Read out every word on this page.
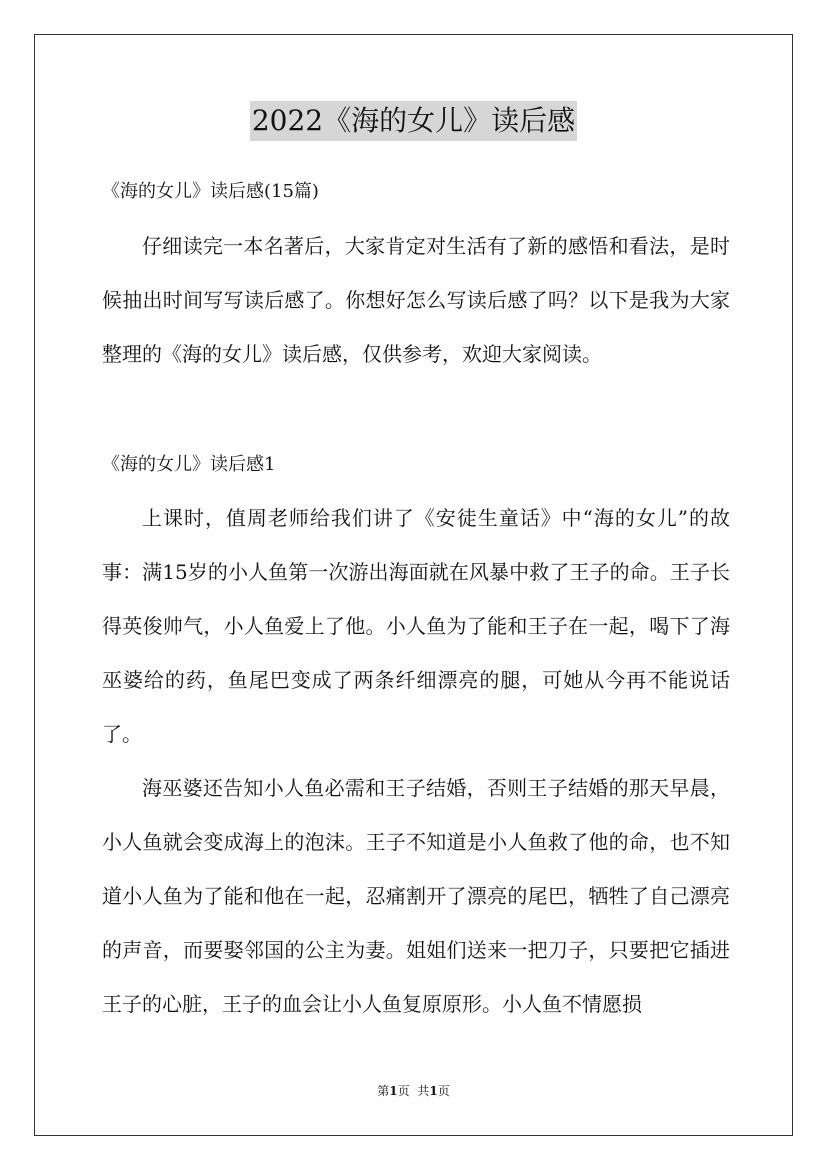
2022《海的女儿》读后感
《海的女儿》读后感(15篇)

仔细读完一本名著后，大家肯定对生活有了新的感悟和看法，是时候抽出时间写写读后感了。你想好怎么写读后感了吗？以下是我为大家整理的《海的女儿》读后感，仅供参考，欢迎大家阅读。

《海的女儿》读后感1

上课时，值周老师给我们讲了《安徒生童话》中“海的女儿”的故事：满15岁的小人鱼第一次游出海面就在风暴中救了王子的命。王子长得英俊帅气，小人鱼爱上了他。小人鱼为了能和王子在一起，喝下了海巫婆给的药，鱼尾巴变成了两条纤细漂亮的腿，可她从今再不能说话了。

海巫婆还告知小人鱼必需和王子结婚，否则王子结婚的那天早晨，小人鱼就会变成海上的泡沫。王子不知道是小人鱼救了他的命，也不知道小人鱼为了能和他在一起，忍痛割开了漂亮的尾巴，牺牲了自己漂亮的声音，而要娶邻国的公主为妻。姐姐们送来一把刀子，只要把它插进王子的心脏，王子的血会让小人鱼复原原形。小人鱼不情愿损

第1页 共1页
